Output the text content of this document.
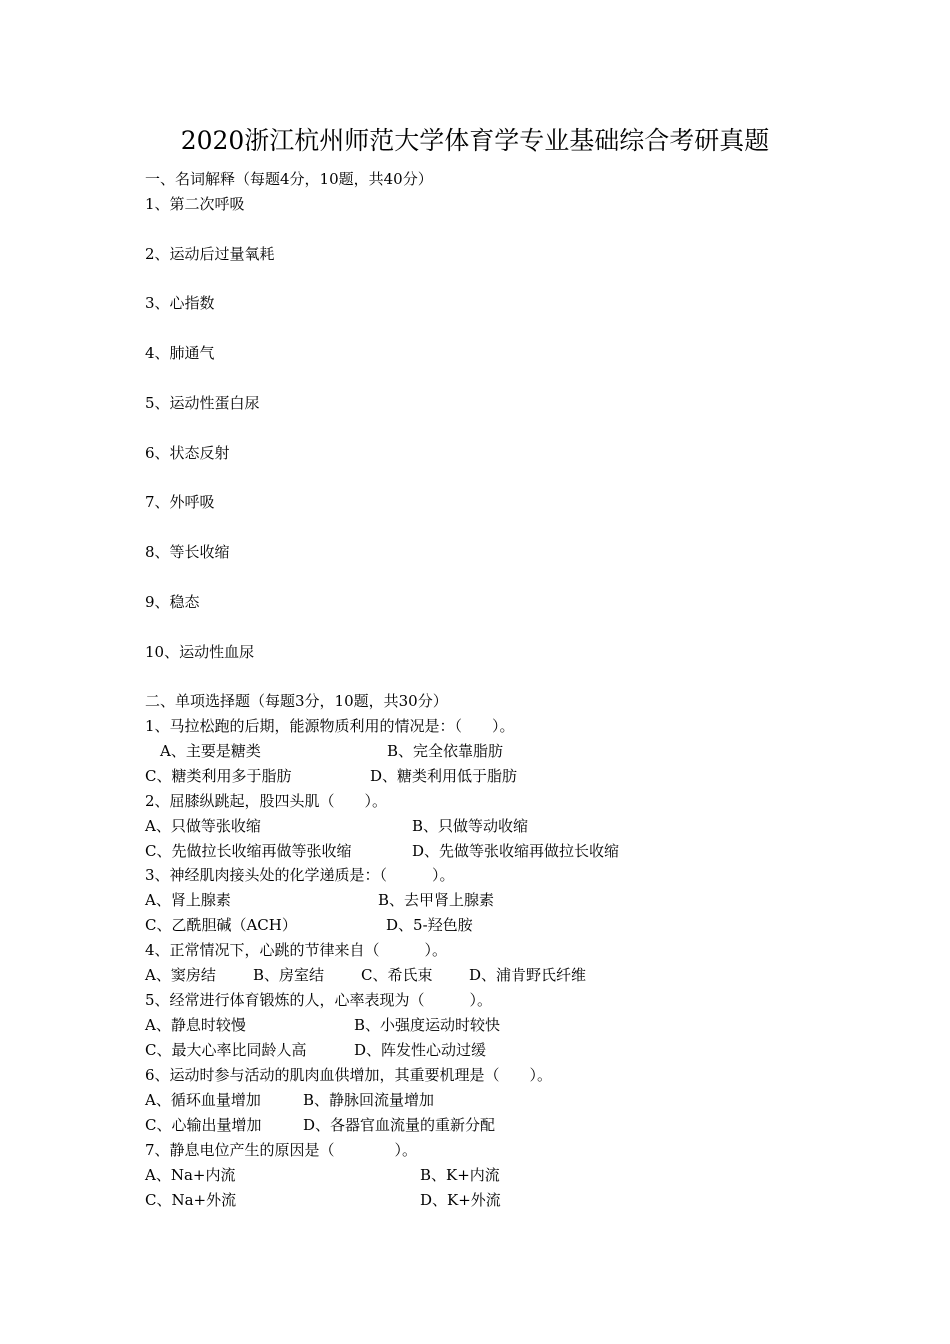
2020浙江杭州师范大学体育学专业基础综合考研真题
一、名词解释（每题4分，10题，共40分）
1、第二次呼吸
2、运动后过量氧耗
3、心指数
4、肺通气
5、运动性蛋白尿
6、状态反射
7、外呼吸
8、等长收缩
9、稳态
10、运动性血尿
二、单项选择题（每题3分，10题，共30分）
1、马拉松跑的后期，能源物质利用的情况是：（　　）。
A、主要是糖类	B、完全依靠脂肪
C、糖类利用多于脂肪	D、糖类利用低于脂肪
2、屈膝纵跳起，股四头肌（　　）。
A、只做等张收缩	B、只做等动收缩
C、先做拉长收缩再做等张收缩	D、先做等张收缩再做拉长收缩
3、神经肌肉接头处的化学递质是：（　　　）。
A、肾上腺素	B、去甲肾上腺素
C、乙酰胆碱（ACH）	D、5-羟色胺
4、正常情况下，心跳的节律来自（　　　）。
A、窦房结 B、房室结 C、希氏束 D、浦肯野氏纤维
5、经常进行体育锻炼的人，心率表现为（　　　）。
A、静息时较慢	B、小强度运动时较快
C、最大心率比同龄人高	D、阵发性心动过缓
6、运动时参与活动的肌肉血供增加，其重要机理是（　　）。
A、循环血量增加	B、静脉回流量增加
C、心输出量增加	D、各器官血流量的重新分配
7、静息电位产生的原因是（　　　　）。
A、Na+内流	B、K+内流
C、Na+外流	D、K+外流
